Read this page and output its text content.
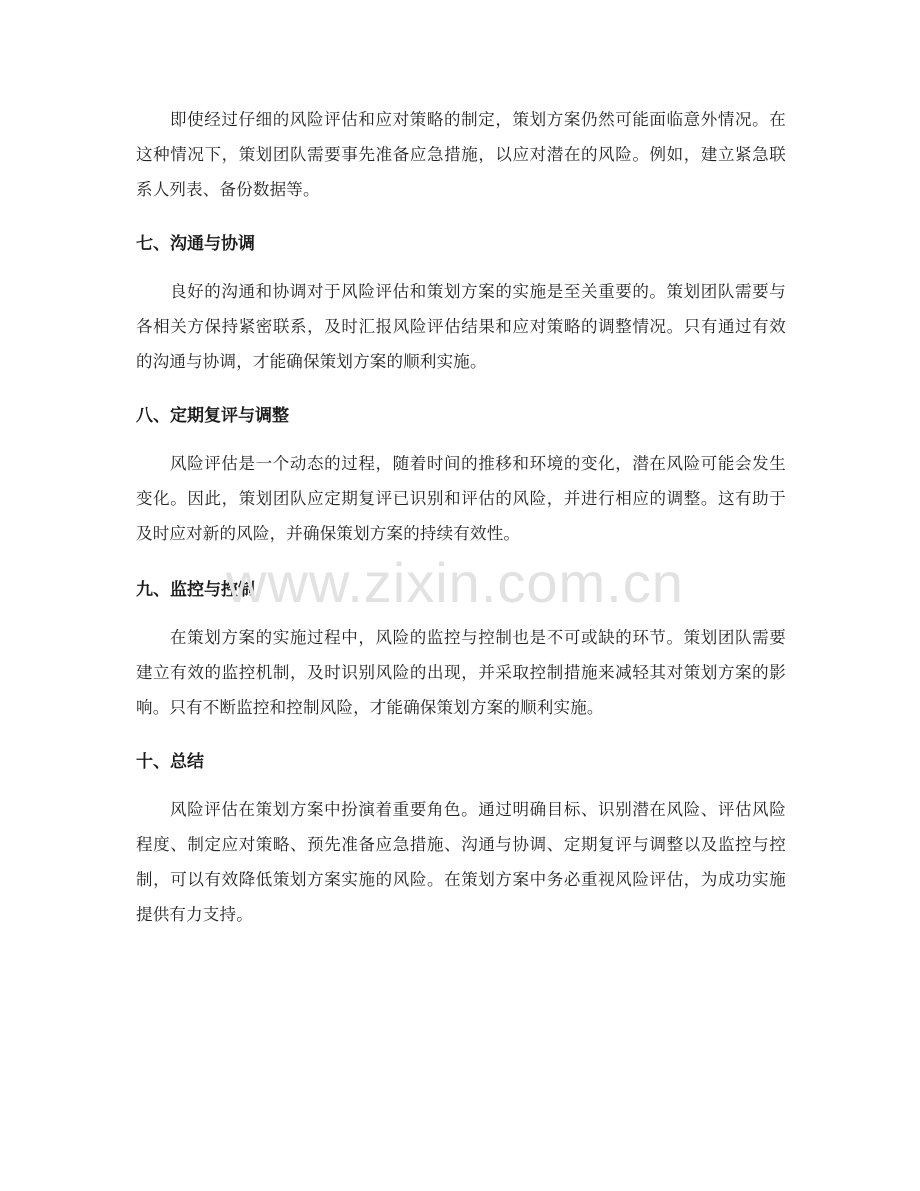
即使经过仔细的风险评估和应对策略的制定，策划方案仍然可能面临意外情况。在这种情况下，策划团队需要事先准备应急措施，以应对潜在的风险。例如，建立紧急联系人列表、备份数据等。

七、沟通与协调

良好的沟通和协调对于风险评估和策划方案的实施是至关重要的。策划团队需要与各相关方保持紧密联系，及时汇报风险评估结果和应对策略的调整情况。只有通过有效的沟通与协调，才能确保策划方案的顺利实施。

八、定期复评与调整

风险评估是一个动态的过程，随着时间的推移和环境的变化，潜在风险可能会发生变化。因此，策划团队应定期复评已识别和评估的风险，并进行相应的调整。这有助于及时应对新的风险，并确保策划方案的持续有效性。

九、监控与控制

在策划方案的实施过程中，风险的监控与控制也是不可或缺的环节。策划团队需要建立有效的监控机制，及时识别风险的出现，并采取控制措施来减轻其对策划方案的影响。只有不断监控和控制风险，才能确保策划方案的顺利实施。

十、总结

风险评估在策划方案中扮演着重要角色。通过明确目标、识别潜在风险、评估风险程度、制定应对策略、预先准备应急措施、沟通与协调、定期复评与调整以及监控与控制，可以有效降低策划方案实施的风险。在策划方案中务必重视风险评估，为成功实施提供有力支持。

www.zixin.com.cn
